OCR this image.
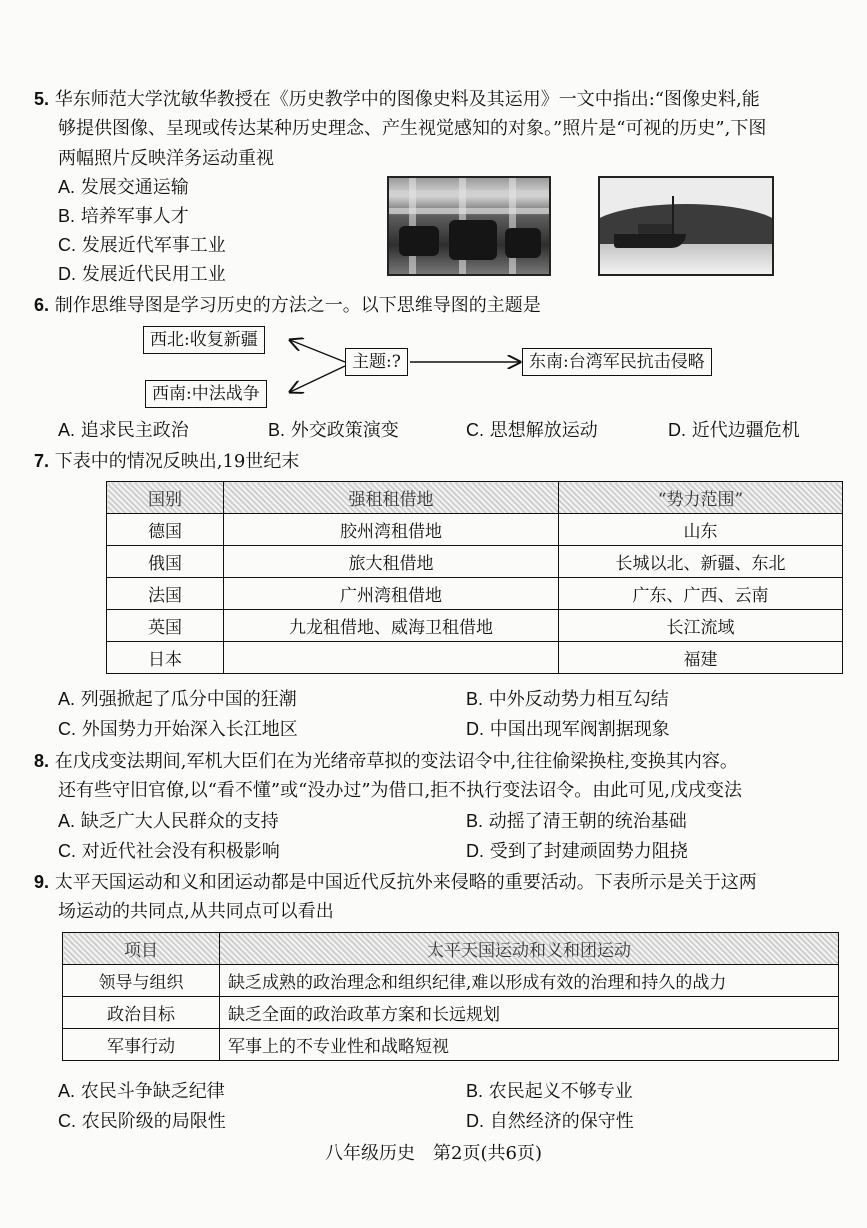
5. 华东师范大学沈敏华教授在《历史教学中的图像史料及其运用》一文中指出:“图像史料,能
够提供图像、呈现或传达某种历史理念、产生视觉感知的对象。”照片是“可视的历史”,下图
两幅照片反映洋务运动重视
A. 发展交通运输
B. 培养军事人才
C. 发展近代军事工业
D. 发展近代民用工业
6. 制作思维导图是学习历史的方法之一。以下思维导图的主题是
西北:收复新疆
西南:中法战争
主题:?	东南:台湾军民抗击侵略
A. 追求民主政治	B. 外交政策演变	C. 思想解放运动	D. 近代边疆危机
7. 下表中的情况反映出,19世纪末
国别	强租租借地	“势力范围”
德国	胶州湾租借地	山东
俄国	旅大租借地	长城以北、新疆、东北
法国	广州湾租借地	广东、广西、云南
英国	九龙租借地、威海卫租借地	长江流域
日本		福建
A. 列强掀起了瓜分中国的狂潮	B. 中外反动势力相互勾结
C. 外国势力开始深入长江地区	D. 中国出现军阀割据现象
8. 在戊戌变法期间,军机大臣们在为光绪帝草拟的变法诏令中,往往偷梁换柱,变换其内容。
还有些守旧官僚,以“看不懂”或“没办过”为借口,拒不执行变法诏令。由此可见,戊戌变法
A. 缺乏广大人民群众的支持	B. 动摇了清王朝的统治基础
C. 对近代社会没有积极影响	D. 受到了封建顽固势力阻挠
9. 太平天国运动和义和团运动都是中国近代反抗外来侵略的重要活动。下表所示是关于这两
场运动的共同点,从共同点可以看出
项目	太平天国运动和义和团运动
领导与组织	缺乏成熟的政治理念和组织纪律,难以形成有效的治理和持久的战力
政治目标	缺乏全面的政治政革方案和长远规划
军事行动	军事上的不专业性和战略短视
A. 农民斗争缺乏纪律	B. 农民起义不够专业
C. 农民阶级的局限性	D. 自然经济的保守性
八年级历史　第2页(共6页)
